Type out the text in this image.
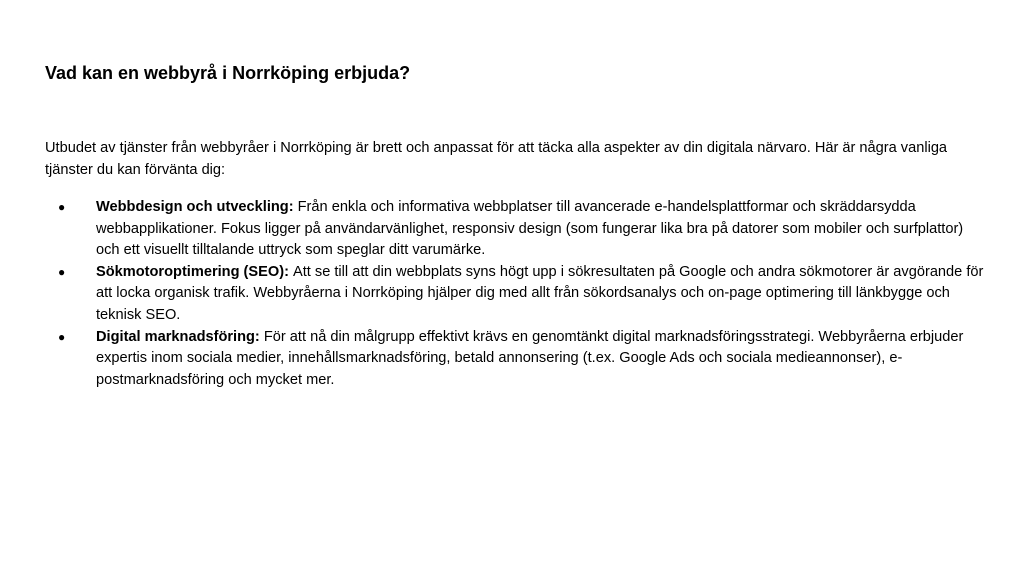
Vad kan en webbyrå i Norrköping erbjuda?

Utbudet av tjänster från webbyråer i Norrköping är brett och anpassat för att täcka alla aspekter av din digitala närvaro. Här är några vanliga tjänster du kan förvänta dig:

● Webbdesign och utveckling: Från enkla och informativa webbplatser till avancerade e-handelsplattformar och skräddarsydda webbapplikationer. Fokus ligger på användarvänlighet, responsiv design (som fungerar lika bra på datorer som mobiler och surfplattor) och ett visuellt tilltalande uttryck som speglar ditt varumärke.
● Sökmotoroptimering (SEO): Att se till att din webbplats syns högt upp i sökresultaten på Google och andra sökmotorer är avgörande för att locka organisk trafik. Webbyråerna i Norrköping hjälper dig med allt från sökordsanalys och on-page optimering till länkbygge och teknisk SEO.
● Digital marknadsföring: För att nå din målgrupp effektivt krävs en genomtänkt digital marknadsföringsstrategi. Webbyråerna erbjuder expertis inom sociala medier, innehållsmarknadsföring, betald annonsering (t.ex. Google Ads och sociala medieannonser), e-postmarknadsföring och mycket mer.
